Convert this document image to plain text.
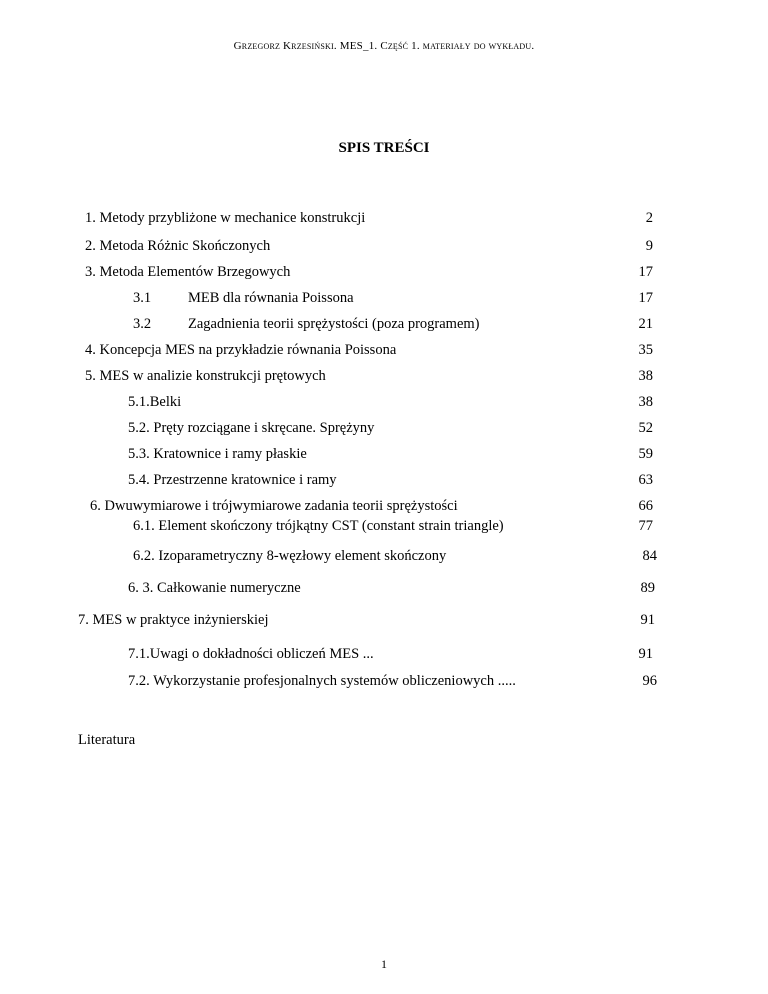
Grzegorz Krzesiński. MES_1. Część 1. materiały do wykładu.
SPIS TREŚCI
1. Metody przybliżone w mechanice konstrukcji	2
2. Metoda Różnic Skończonych	9
3. Metoda Elementów Brzegowych	17
3.1	MEB dla równania Poissona	17
3.2	Zagadnienia teorii sprężystości (poza programem)	21
4. Koncepcja MES na przykładzie równania Poissona	35
5. MES w analizie konstrukcji prętowych	38
5.1.Belki	38
5.2. Pręty rozciągane i skręcane. Sprężyny	52
5.3. Kratownice i ramy płaskie	59
5.4. Przestrzenne kratownice i ramy	63
6. Dwuwymiarowe i trójwymiarowe zadania teorii sprężystości	66
6.1. Element skończony trójkątny CST (constant strain triangle)	77
6.2. Izoparametryczny 8-węzłowy element skończony	84
6. 3. Całkowanie numeryczne	89
7. MES w praktyce inżynierskiej	91
7.1.Uwagi o dokładności obliczeń MES ...	91
7.2. Wykorzystanie profesjonalnych systemów obliczeniowych .....	96
Literatura
1
